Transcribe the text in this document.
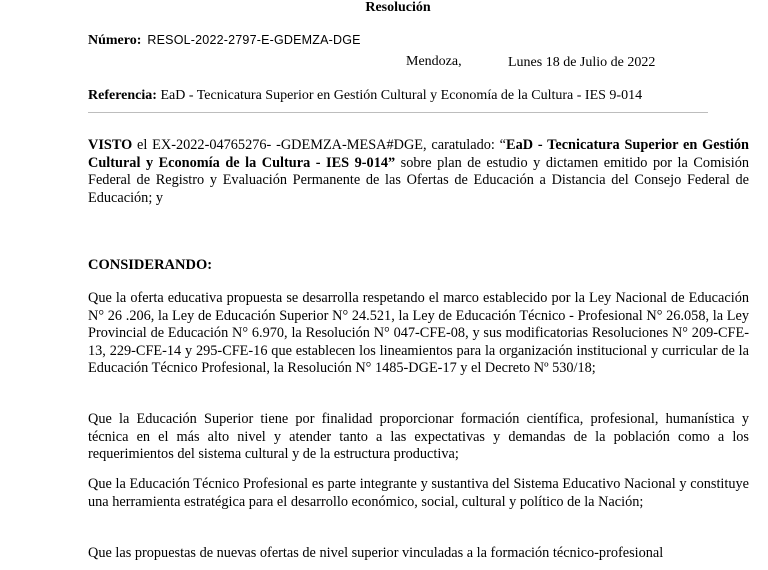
Resolución
Número: RESOL-2022-2797-E-GDEMZA-DGE
Mendoza,	Lunes 18 de Julio de 2022
Referencia: EaD - Tecnicatura Superior en Gestión Cultural y Economía de la Cultura - IES 9-014
VISTO el EX-2022-04765276- -GDEMZA-MESA#DGE, caratulado: “EaD - Tecnicatura Superior en Gestión Cultural y Economía de la Cultura - IES 9-014” sobre plan de estudio y dictamen emitido por la Comisión Federal de Registro y Evaluación Permanente de las Ofertas de Educación a Distancia del Consejo Federal de Educación; y
CONSIDERANDO:
Que la oferta educativa propuesta se desarrolla respetando el marco establecido por la Ley Nacional de Educación N° 26 .206, la Ley de Educación Superior N° 24.521, la Ley de Educación Técnico - Profesional N° 26.058, la Ley Provincial de Educación N° 6.970, la Resolución N° 047-CFE-08, y sus modificatorias Resoluciones N° 209-CFE-13, 229-CFE-14 y 295-CFE-16 que establecen los lineamientos para la organización institucional y curricular de la Educación Técnico Profesional, la Resolución N° 1485-DGE-17 y el Decreto Nº 530/18;
Que la Educación Superior tiene por finalidad proporcionar formación científica, profesional, humanística y técnica en el más alto nivel y atender tanto a las expectativas y demandas de la población como a los requerimientos del sistema cultural y de la estructura productiva;
Que la Educación Técnico Profesional es parte integrante y sustantiva del Sistema Educativo Nacional y constituye una herramienta estratégica para el desarrollo económico, social, cultural y político de la Nación;
Que las propuestas de nuevas ofertas de nivel superior vinculadas a la formación técnico-profesional
